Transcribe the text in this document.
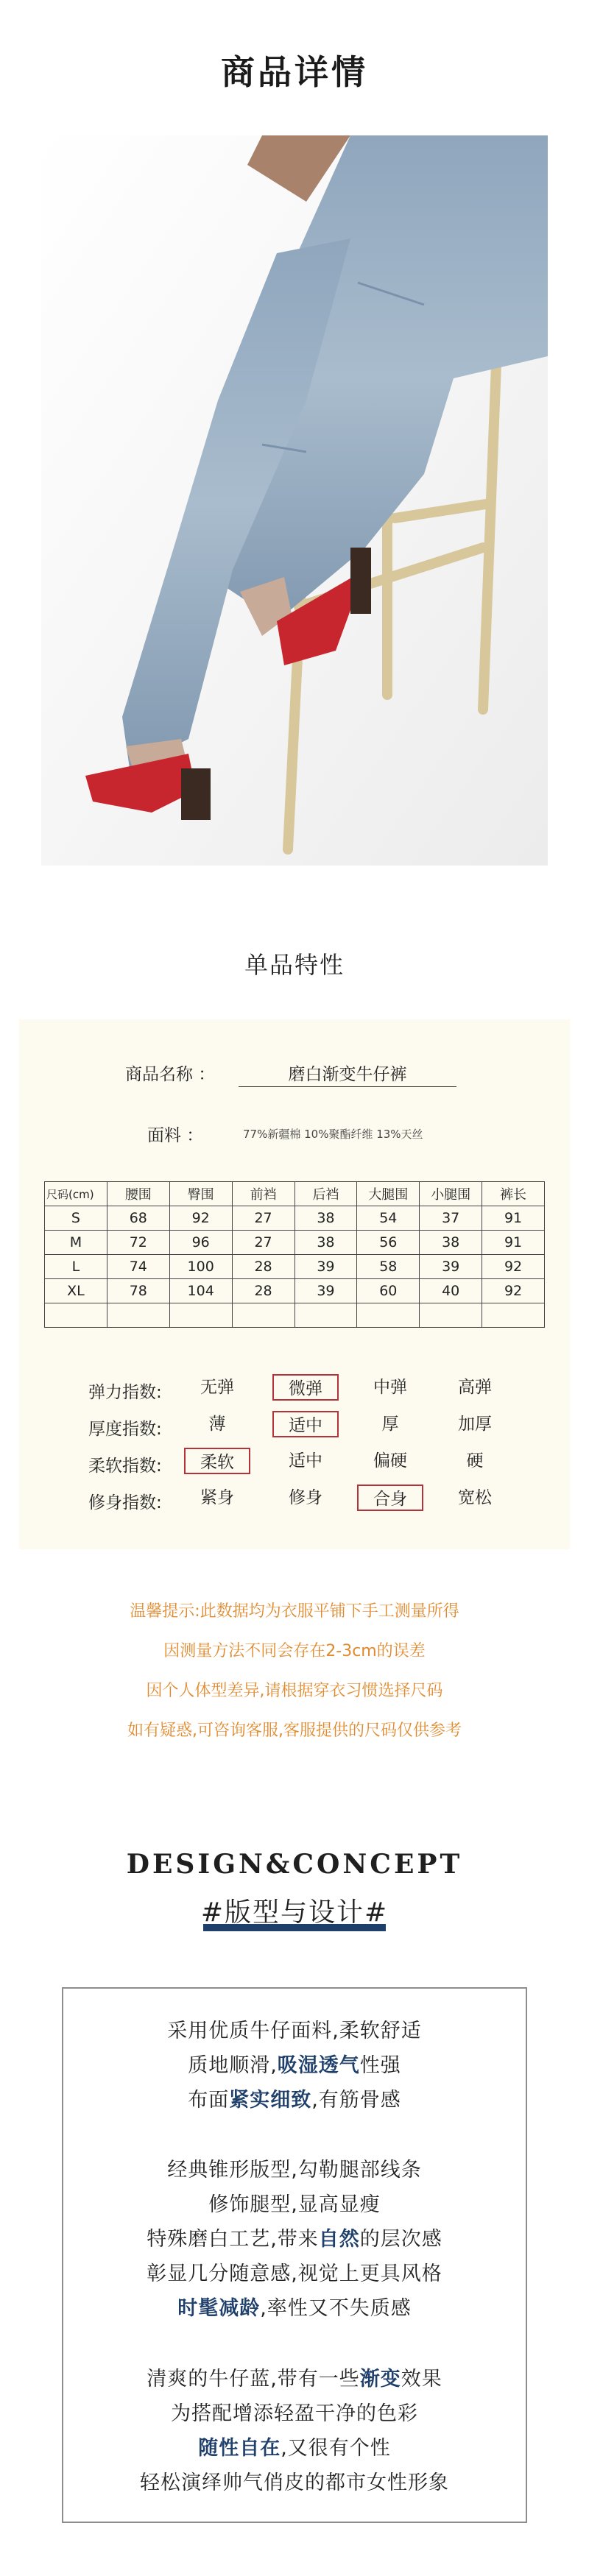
商品详情
单品特性
商品名称 ：	磨白渐变牛仔裤
面料 ：	77%新疆棉 10%聚酯纤维 13%天丝
尺码(cm)	腰围	臀围	前裆	后裆	大腿围	小腿围	裤长
S	68	92	27	38	54	37	91
M	72	96	27	38	56	38	91
L	74	100	28	39	58	39	92
XL	78	104	28	39	60	40	92

弹力指数:	无弹	微弹	中弹	高弹
厚度指数:	薄	适中	厚	加厚
柔软指数:	柔软	适中	偏硬	硬
修身指数:	紧身	修身	合身	宽松
温馨提示:此数据均为衣服平铺下手工测量所得
因测量方法不同会存在2-3cm的误差
因个人体型差异,请根据穿衣习惯选择尺码
如有疑惑,可咨询客服,客服提供的尺码仅供参考
DESIGN&CONCEPT
#版型与设计#
采用优质牛仔面料,柔软舒适
质地顺滑,吸湿透气性强
布面紧实细致,有筋骨感
经典锥形版型,勾勒腿部线条
修饰腿型,显高显瘦
特殊磨白工艺,带来自然的层次感
彰显几分随意感,视觉上更具风格
时髦减龄,率性又不失质感
清爽的牛仔蓝,带有一些渐变效果
为搭配增添轻盈干净的色彩
随性自在,又很有个性
轻松演绎帅气俏皮的都市女性形象
